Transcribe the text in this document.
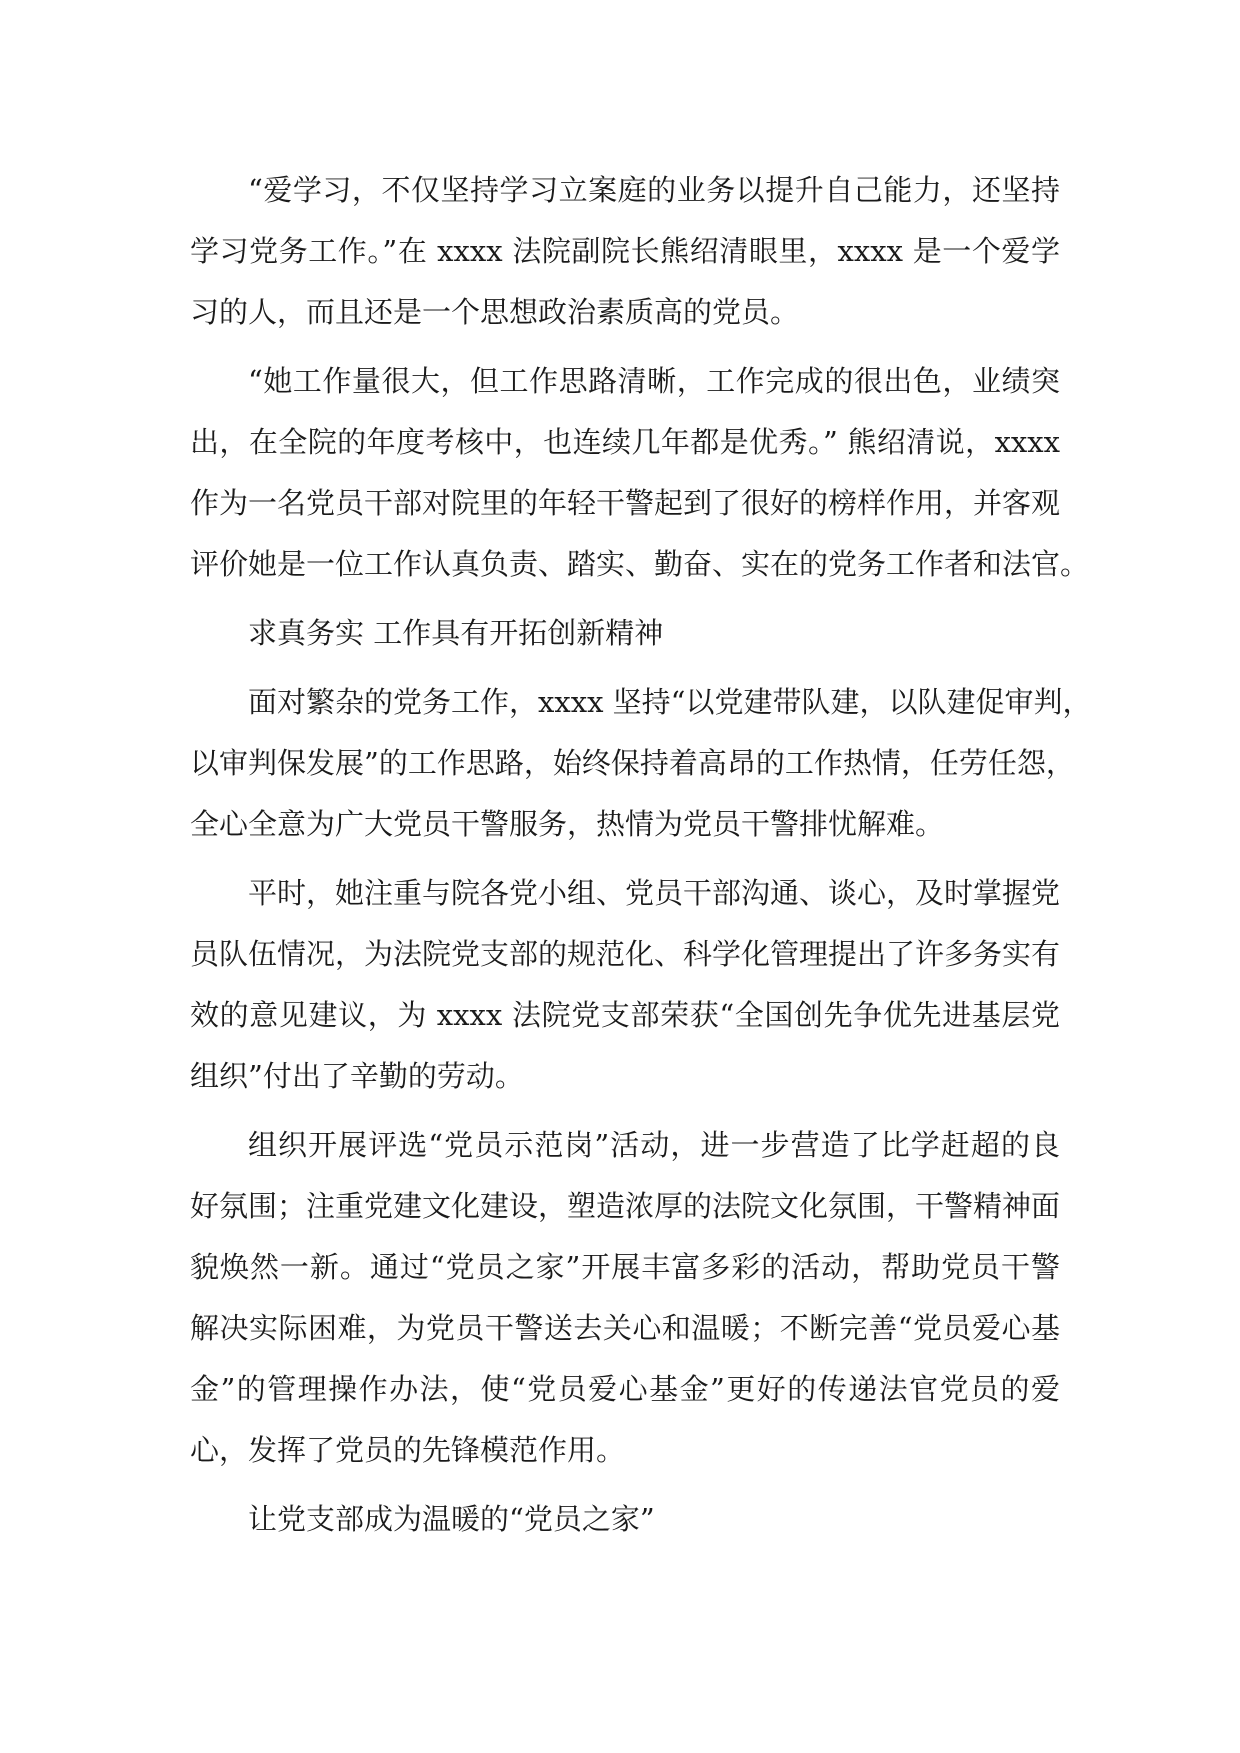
“爱学习，不仅坚持学习立案庭的业务以提升自己能力，还坚持
学习党务工作。”在 xxxx 法院副院长熊绍清眼里，xxxx 是一个爱学
习的人，而且还是一个思想政治素质高的党员。
“她工作量很大，但工作思路清晰，工作完成的很出色，业绩突
出，在全院的年度考核中，也连续几年都是优秀。” 熊绍清说，xxxx
作为一名党员干部对院里的年轻干警起到了很好的榜样作用，并客观
评价她是一位工作认真负责、踏实、勤奋、实在的党务工作者和法官。
求真务实 工作具有开拓创新精神
面对繁杂的党务工作，xxxx 坚持“以党建带队建，以队建促审判，
以审判保发展”的工作思路，始终保持着高昂的工作热情，任劳任怨，
全心全意为广大党员干警服务，热情为党员干警排忧解难。
平时，她注重与院各党小组、党员干部沟通、谈心，及时掌握党
员队伍情况，为法院党支部的规范化、科学化管理提出了许多务实有
效的意见建议，为 xxxx 法院党支部荣获“全国创先争优先进基层党
组织”付出了辛勤的劳动。
组织开展评选“党员示范岗”活动，进一步营造了比学赶超的良
好氛围；注重党建文化建设，塑造浓厚的法院文化氛围，干警精神面
貌焕然一新。通过“党员之家”开展丰富多彩的活动，帮助党员干警
解决实际困难，为党员干警送去关心和温暖；不断完善“党员爱心基
金”的管理操作办法，使“党员爱心基金”更好的传递法官党员的爱
心，发挥了党员的先锋模范作用。
让党支部成为温暖的“党员之家”
